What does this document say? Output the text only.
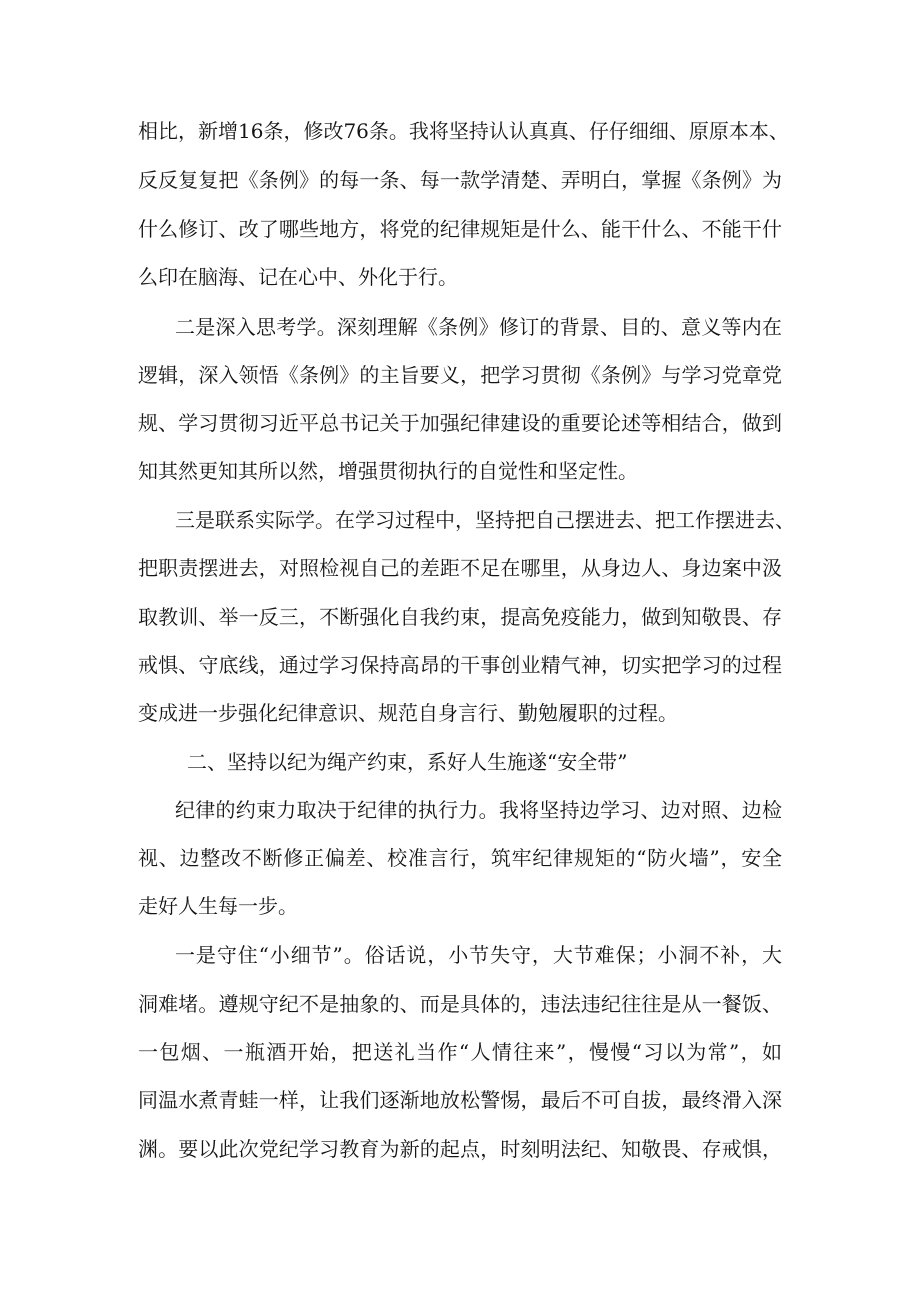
相比，新增16条，修改76条。我将坚持认认真真、仔仔细细、原原本本、
反反复复把《条例》的每一条、每一款学清楚、弄明白，掌握《条例》为
什么修订、改了哪些地方，将党的纪律规矩是什么、能干什么、不能干什
么印在脑海、记在心中、外化于行。
二是深入思考学。深刻理解《条例》修订的背景、目的、意义等内在
逻辑，深入领悟《条例》的主旨要义，把学习贯彻《条例》与学习党章党
规、学习贯彻习近平总书记关于加强纪律建设的重要论述等相结合，做到
知其然更知其所以然，增强贯彻执行的自觉性和坚定性。
三是联系实际学。在学习过程中，坚持把自己摆进去、把工作摆进去、
把职责摆进去，对照检视自己的差距不足在哪里，从身边人、身边案中汲
取教训、举一反三，不断强化自我约束，提高免疫能力，做到知敬畏、存
戒惧、守底线，通过学习保持高昂的干事创业精气神，切实把学习的过程
变成进一步强化纪律意识、规范自身言行、勤勉履职的过程。
二、坚持以纪为绳产约束，系好人生施遂“安全带”
纪律的约束力取决于纪律的执行力。我将坚持边学习、边对照、边检
视、边整改不断修正偏差、校准言行，筑牢纪律规矩的“防火墙”，安全
走好人生每一步。
一是守住“小细节”。俗话说，小节失守，大节难保；小洞不补，大
洞难堵。遵规守纪不是抽象的、而是具体的，违法违纪往往是从一餐饭、
一包烟、一瓶酒开始，把送礼当作“人情往来”，慢慢“习以为常”，如
同温水煮青蛙一样，让我们逐渐地放松警惕，最后不可自拔，最终滑入深
渊。要以此次党纪学习教育为新的起点，时刻明法纪、知敬畏、存戒惧，
